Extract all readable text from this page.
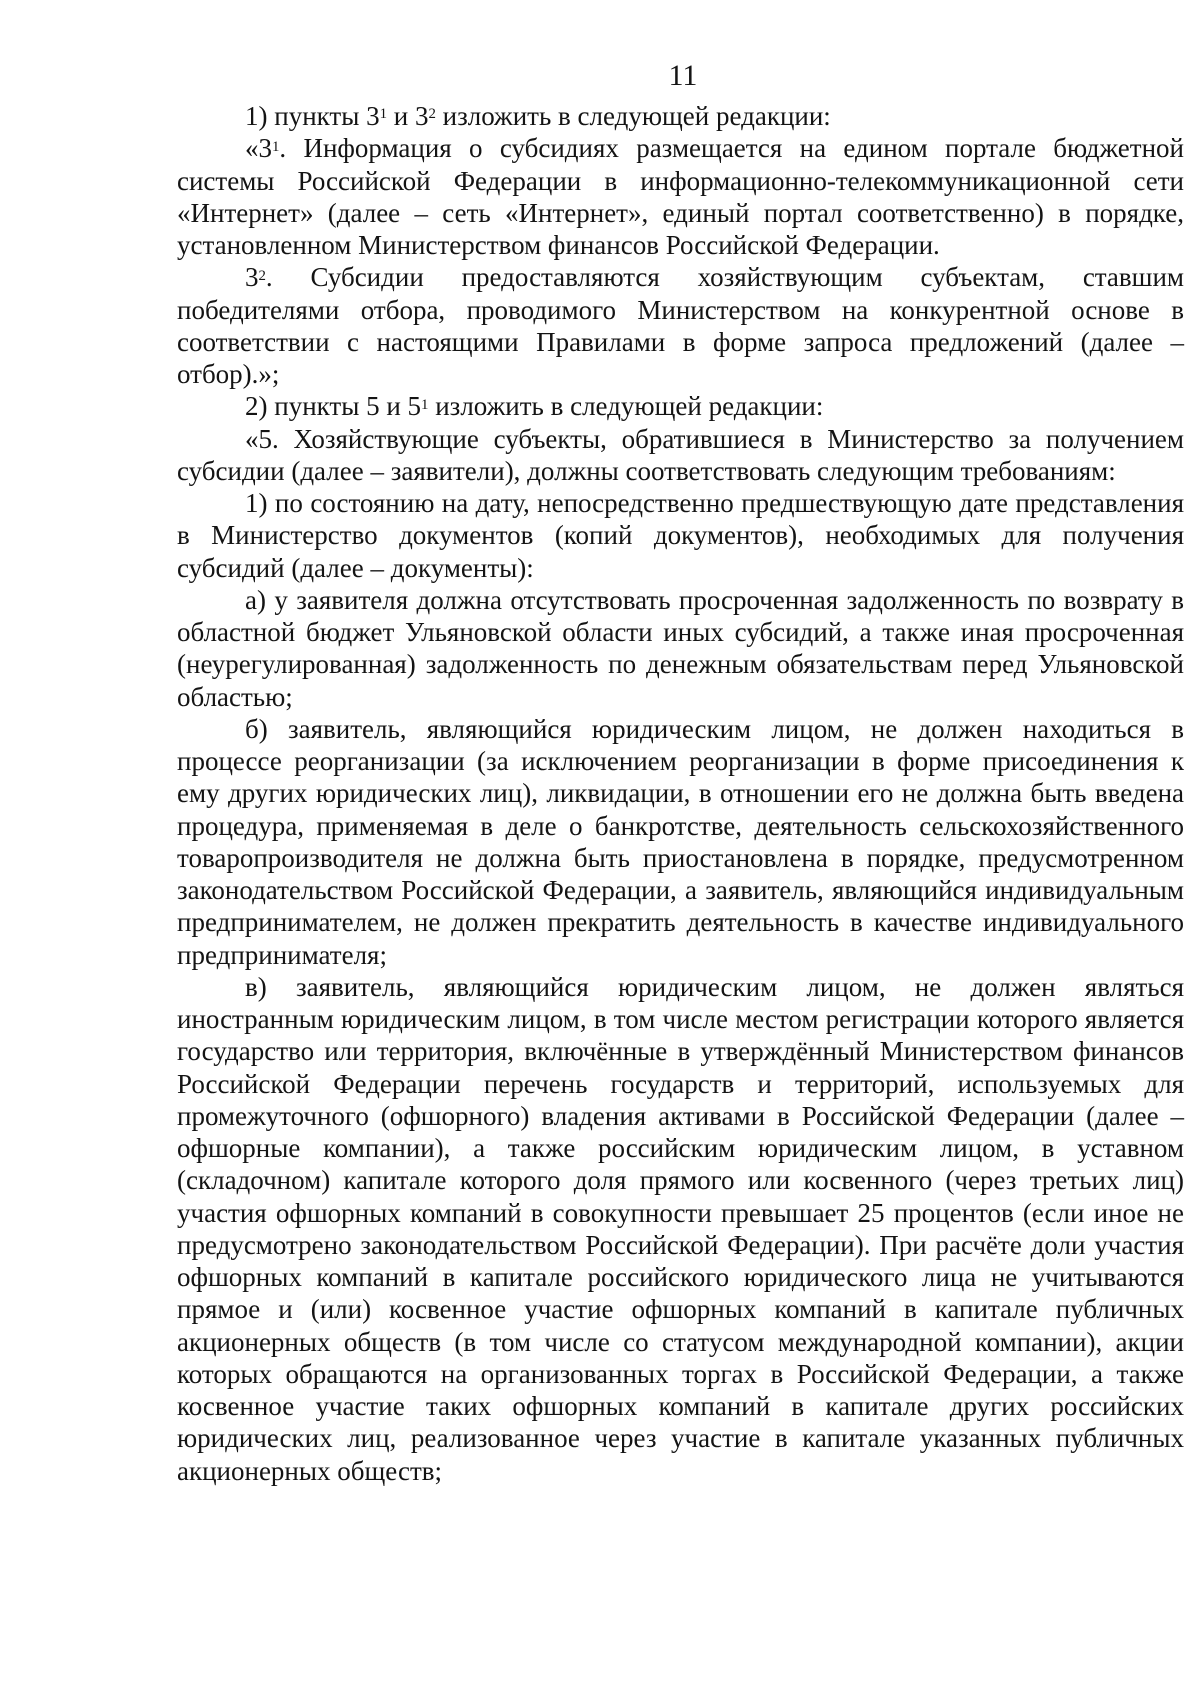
11

1) пункты $3^1$ и $3^2$ изложить в следующей редакции:

«$3^1$. Информация о субсидиях размещается на едином портале бюджетной системы Российской Федерации в информационно-телекоммуникационной сети «Интернет» (далее – сеть «Интернет», единый портал соответственно) в порядке, установленном Министерством финансов Российской Федерации.

$3^2$. Субсидии предоставляются хозяйствующим субъектам, ставшим победителями отбора, проводимого Министерством на конкурентной основе в соответствии с настоящими Правилами в форме запроса предложений (далее – отбор).»;

2) пункты 5 и $5^1$ изложить в следующей редакции:

«5. Хозяйствующие субъекты, обратившиеся в Министерство за получением субсидии (далее – заявители), должны соответствовать следующим требованиям:

1) по состоянию на дату, непосредственно предшествующую дате представления в Министерство документов (копий документов), необходимых для получения субсидий (далее – документы):

а) у заявителя должна отсутствовать просроченная задолженность по возврату в областной бюджет Ульяновской области иных субсидий, а также иная просроченная (неурегулированная) задолженность по денежным обязательствам перед Ульяновской областью;

б) заявитель, являющийся юридическим лицом, не должен находиться в процессе реорганизации (за исключением реорганизации в форме присоединения к ему других юридических лиц), ликвидации, в отношении его не должна быть введена процедура, применяемая в деле о банкротстве, деятельность сельскохозяйственного товаропроизводителя не должна быть приостановлена в порядке, предусмотренном законодательством Российской Федерации, а заявитель, являющийся индивидуальным предпринимателем, не должен прекратить деятельность в качестве индивидуального предпринимателя;

в) заявитель, являющийся юридическим лицом, не должен являться иностранным юридическим лицом, в том числе местом регистрации которого является государство или территория, включённые в утверждённый Министерством финансов Российской Федерации перечень государств и территорий, используемых для промежуточного (офшорного) владения активами в Российской Федерации (далее – офшорные компании), а также российским юридическим лицом, в уставном (складочном) капитале которого доля прямого или косвенного (через третьих лиц) участия офшорных компаний в совокупности превышает 25 процентов (если иное не предусмотрено законодательством Российской Федерации). При расчёте доли участия офшорных компаний в капитале российского юридического лица не учитываются прямое и (или) косвенное участие офшорных компаний в капитале публичных акционерных обществ (в том числе со статусом международной компании), акции которых обращаются на организованных торгах в Российской Федерации, а также косвенное участие таких офшорных компаний в капитале других российских юридических лиц, реализованное через участие в капитале указанных публичных акционерных обществ;
